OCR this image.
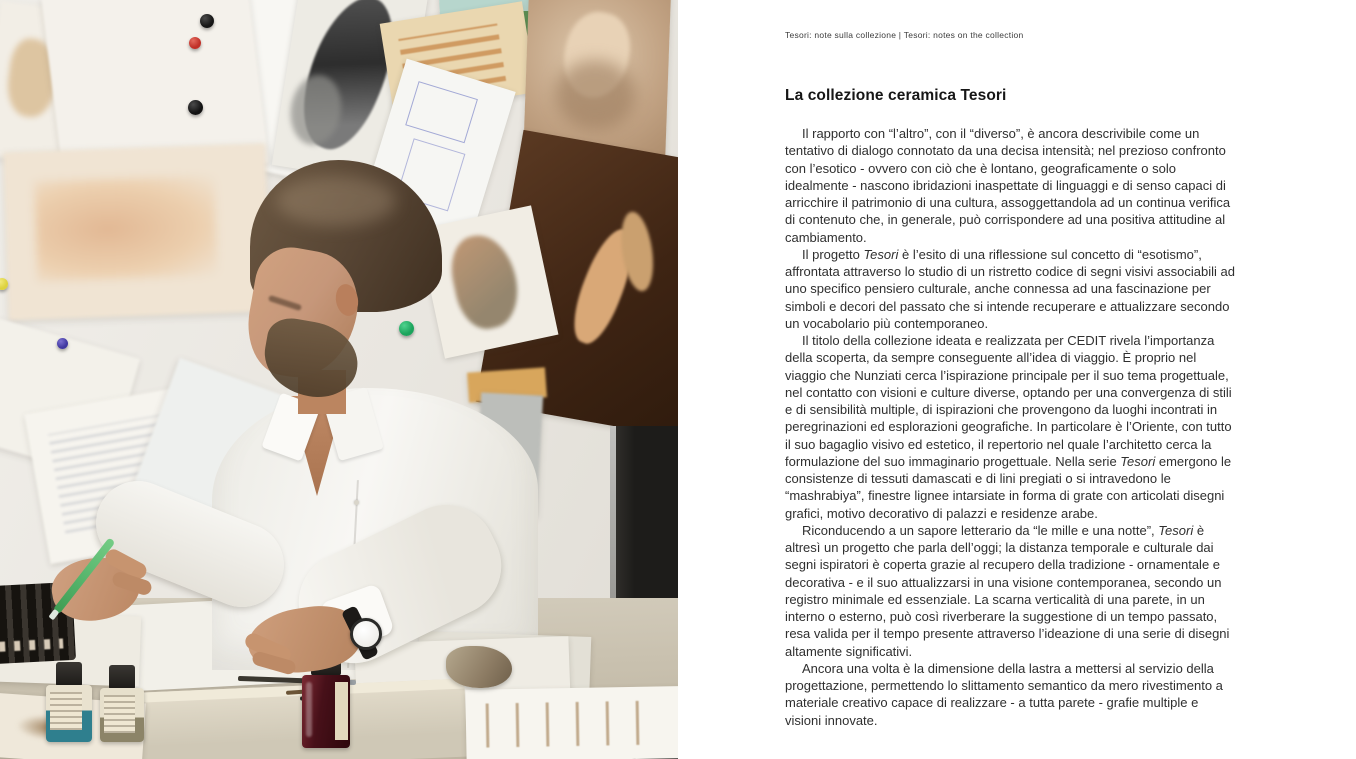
Tesori: note sulla collezione | Tesori: notes on the collection
La collezione ceramica Tesori

Il rapporto con “l’altro”, con il “diverso”, è ancora descrivibile come un tentativo di dialogo connotato da una decisa intensità; nel prezioso confronto con l’esotico - ovvero con ciò che è lontano, geograficamente o solo idealmente - nascono ibridazioni inaspettate di linguaggi e di senso capaci di arricchire il patrimonio di una cultura, assoggettandola ad un continua verifica di contenuto che, in generale, può corrispondere ad una positiva attitudine al cambiamento.

Il progetto Tesori è l’esito di una riflessione sul concetto di “esotismo”, affrontata attraverso lo studio di un ristretto codice di segni visivi associabili ad uno specifico pensiero culturale, anche connessa ad una fascinazione per simboli e decori del passato che si intende recuperare e attualizzare secondo un vocabolario più contemporaneo.

Il titolo della collezione ideata e realizzata per CEDIT rivela l’importanza della scoperta, da sempre conseguente all’idea di viaggio. È proprio nel viaggio che Nunziati cerca l’ispirazione principale per il suo tema progettuale, nel contatto con visioni e culture diverse, optando per una convergenza di stili e di sensibilità multiple, di ispirazioni che provengono da luoghi incontrati in peregrinazioni ed esplorazioni geografiche. In particolare è l’Oriente, con tutto il suo bagaglio visivo ed estetico, il repertorio nel quale l’architetto cerca la formulazione del suo immaginario progettuale. Nella serie Tesori emergono le consistenze di tessuti damascati e di lini pregiati o si intravedono le “mashrabiya”, finestre lignee intarsiate in forma di grate con articolati disegni grafici, motivo decorativo di palazzi e residenze arabe.

Riconducendo a un sapore letterario da “le mille e una notte”, Tesori è altresì un progetto che parla dell’oggi; la distanza temporale e culturale dai segni ispiratori è coperta grazie al recupero della tradizione - ornamentale e decorativa - e il suo attualizzarsi in una visione contemporanea, secondo un registro minimale ed essenziale. La scarna verticalità di una parete, in un interno o esterno, può così riverberare la suggestione di un tempo passato, resa valida per il tempo presente attraverso l’ideazione di una serie di disegni altamente significativi.

Ancora una volta è la dimensione della lastra a mettersi al servizio della progettazione, permettendo lo slittamento semantico da mero rivestimento a materiale creativo capace di realizzare - a tutta parete - grafie multiple e visioni innovate.
